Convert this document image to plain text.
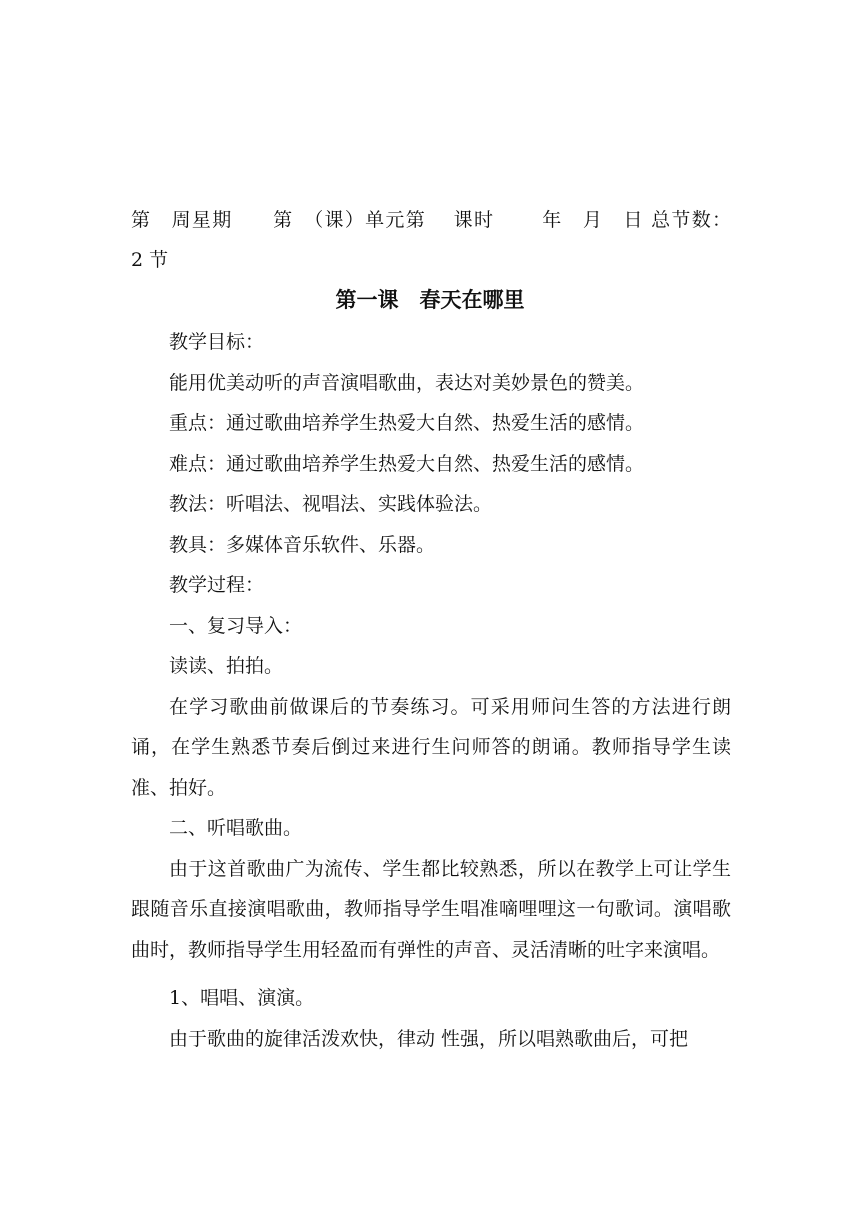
第　周星期　　第　（课）单元第　 课时　　 年　月　日 总节数：
2 节
第一课　春天在哪里

教学目标：

能用优美动听的声音演唱歌曲，表达对美妙景色的赞美。

重点：通过歌曲培养学生热爱大自然、热爱生活的感情。

难点：通过歌曲培养学生热爱大自然、热爱生活的感情。

教法：听唱法、视唱法、实践体验法。

教具：多媒体音乐软件、乐器。

教学过程：

一、复习导入：

读读、拍拍。

在学习歌曲前做课后的节奏练习。可采用师问生答的方法进行朗诵，在学生熟悉节奏后倒过来进行生问师答的朗诵。教师指导学生读准、拍好。

二、听唱歌曲。

由于这首歌曲广为流传、学生都比较熟悉，所以在教学上可让学生跟随音乐直接演唱歌曲，教师指导学生唱准嘀哩哩这一句歌词。演唱歌曲时，教师指导学生用轻盈而有弹性的声音、灵活清晰的吐字来演唱。

1、唱唱、演演。

由于歌曲的旋律活泼欢快，律动 性强，所以唱熟歌曲后，可把
